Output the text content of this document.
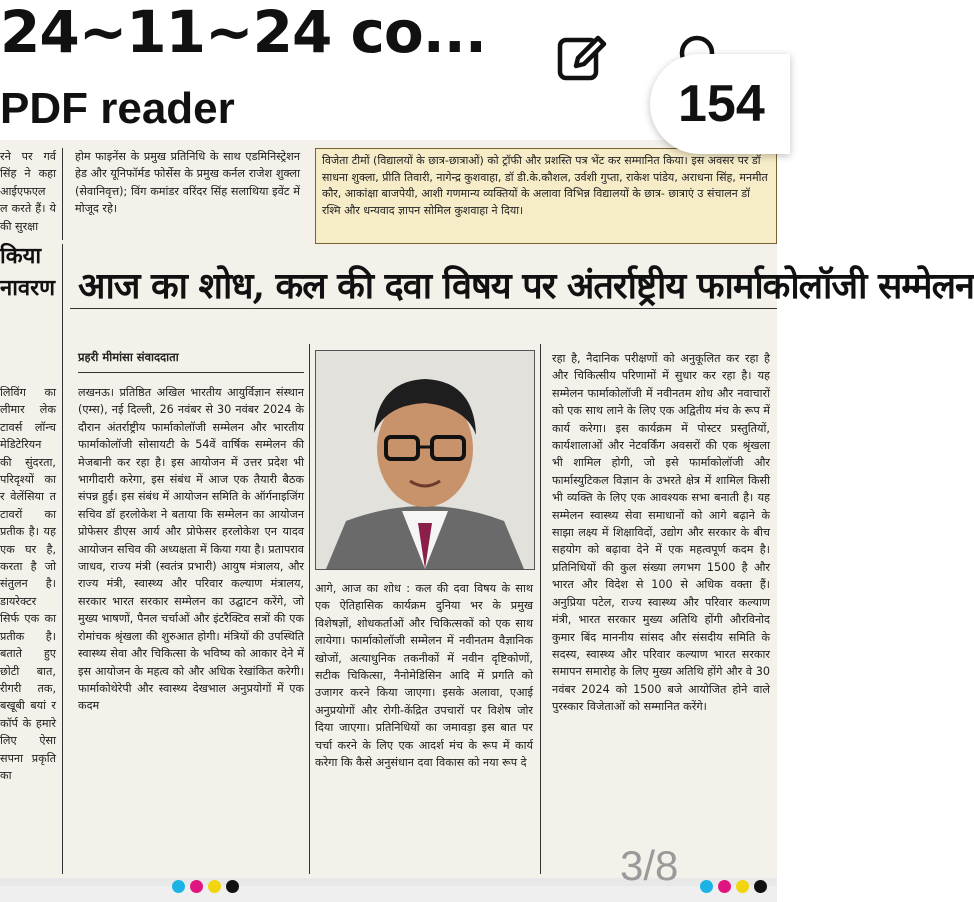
24~11~24 co...
PDF reader	154

रने पर गर्व सिंह ने कहा आईएफएल ल करते हैं। ये की सुरक्षा

होम फाइनेंस के प्रमुख प्रतिनिधि के साथ एडमिनिस्ट्रेशन हेड और यूनिफॉर्मड फोर्सेस के प्रमुख कर्नल राजेश शुक्ला (सेवानिवृत्त); विंग कमांडर वरिंदर सिंह सलाथिया इवेंट में मोजूद रहे।

विजेता टीमों (विद्यालयों के छात्र-छात्राओं) को ट्रॉफी और प्रशस्ति पत्र भेंट कर सम्मानित किया। इस अवसर पर डॉ साधना शुक्ला, प्रीति तिवारी, नागेन्द्र कुशवाहा, डॉ डी.के.कौशल, उर्वशी गुप्ता, राकेश पांडेय, अराधना सिंह, मनमीत कौर, आकांक्षा बाजपेयी, आशी गणमान्य व्यक्तियों के अलावा विभिन्न विद्यालयों के छात्र- छात्राएं उ संचालन डॉ रश्मि और धन्यवाद ज्ञापन सोमिल कुशवाहा ने दिया।

किया नावरण आज का शोध, कल की दवा विषय पर अंतर्राष्ट्रीय फार्माकोलॉजी सम्मेलन
प्रहरी मीमांसा संवाददाता

लिविंग का लीमार लेक टावर्स लॉन्च मेडिटेरियन की सुंदरता, परिदृश्यों का र वेलेंसिया त टावरों का प्रतीक है। यह एक घर है, करता है जो संतुलन है। डायरेक्टर सिर्फ एक का प्रतीक है। बताते हुए छोटी बात, रीगरी तक, बखूबी बयां र कॉर्प के हमारे लिए ऐसा सपना प्रकृति का

लखनऊ। प्रतिष्ठित अखिल भारतीय आयुर्विज्ञान संस्थान (एम्स), नई दिल्ली, 26 नवंबर से 30 नवंबर 2024 के दौरान अंतर्राष्ट्रीय फार्माकोलॉजी सम्मेलन और भारतीय फार्माकोलॉजी सोसायटी के 54वें वार्षिक सम्मेलन की मेजबानी कर रहा है। इस आयोजन में उत्तर प्रदेश भी भागीदारी करेगा, इस संबंध में आज एक तैयारी बैठक संपन्न हुई। इस संबंध में आयोजन समिति के ऑर्गनाइजिंग सचिव डॉ हरलोकेश ने बताया कि सम्मेलन का आयोजन प्रोफेसर डीएस आर्य और प्रोफेसर हरलोकेश एन यादव आयोजन सचिव की अध्यक्षता में किया गया है। प्रतापराव जाधव, राज्य मंत्री (स्वतंत्र प्रभारी) आयुष मंत्रालय, और राज्य मंत्री, स्वास्थ्य और परिवार कल्याण मंत्रालय, सरकार भारत सरकार सम्मेलन का उद्घाटन करेंगे, जो मुख्य भाषणों, पैनल चर्चाओं और इंटरैक्टिव सत्रों की एक रोमांचक श्रृंखला की शुरुआत होगी। मंत्रियों की उपस्थिति स्वास्थ्य सेवा और चिकित्सा के भविष्य को आकार देने में इस आयोजन के महत्व को और अधिक रेखांकित करेगी। फार्माकोथेरेपी और स्वास्थ्य देखभाल अनुप्रयोगों में एक कदम

आगे, आज का शोध : कल की दवा विषय के साथ एक ऐतिहासिक कार्यक्रम दुनिया भर के प्रमुख विशेषज्ञों, शोधकर्ताओं और चिकित्सकों को एक साथ लायेगा। फार्माकोलॉजी सम्मेलन में नवीनतम वैज्ञानिक खोजों, अत्याधुनिक तकनीकों में नवीन दृष्टिकोणों, सटीक चिकित्सा, नैनोमेडिसिन आदि में प्रगति को उजागर करने किया जाएगा। इसके अलावा, एआई अनुप्रयोगों और रोगी-केंद्रित उपचारों पर विशेष जोर दिया जाएगा। प्रतिनिधियों का जमावड़ा इस बात पर चर्चा करने के लिए एक आदर्श मंच के रूप में कार्य करेगा कि कैसे अनुसंधान दवा विकास को नया रूप दे

रहा है, नैदानिक परीक्षणों को अनुकूलित कर रहा है और चिकित्सीय परिणामों में सुधार कर रहा है। यह सम्मेलन फार्माकोलॉजी में नवीनतम शोध और नवाचारों को एक साथ लाने के लिए एक अद्वितीय मंच के रूप में कार्य करेगा। इस कार्यक्रम में पोस्टर प्रस्तुतियों, कार्यशालाओं और नेटवर्किंग अवसरों की एक श्रृंखला भी शामिल होगी, जो इसे फार्माकोलॉजी और फार्मास्युटिकल विज्ञान के उभरते क्षेत्र में शामिल किसी भी व्यक्ति के लिए एक आवश्यक सभा बनाती है। यह सम्मेलन स्वास्थ्य सेवा समाधानों को आगे बढ़ाने के साझा लक्ष्य में शिक्षाविदों, उद्योग और सरकार के बीच सहयोग को बढ़ावा देने में एक महत्वपूर्ण कदम है। प्रतिनिधियों की कुल संख्या लगभग 1500 है और भारत और विदेश से 100 से अधिक वक्ता हैं। अनुप्रिया पटेल, राज्य स्वास्थ्य और परिवार कल्याण मंत्री, भारत सरकार मुख्य अतिथि होंगी औरविनोद कुमार बिंद माननीय सांसद और संसदीय समिति के सदस्य, स्वास्थ्य और परिवार कल्याण भारत सरकार समापन समारोह के लिए मुख्य अतिथि होंगे और वे 30 नवंबर 2024 को 1500 बजे आयोजित होने वाले पुरस्कार विजेताओं को सम्मानित करेंगे।

3/8
